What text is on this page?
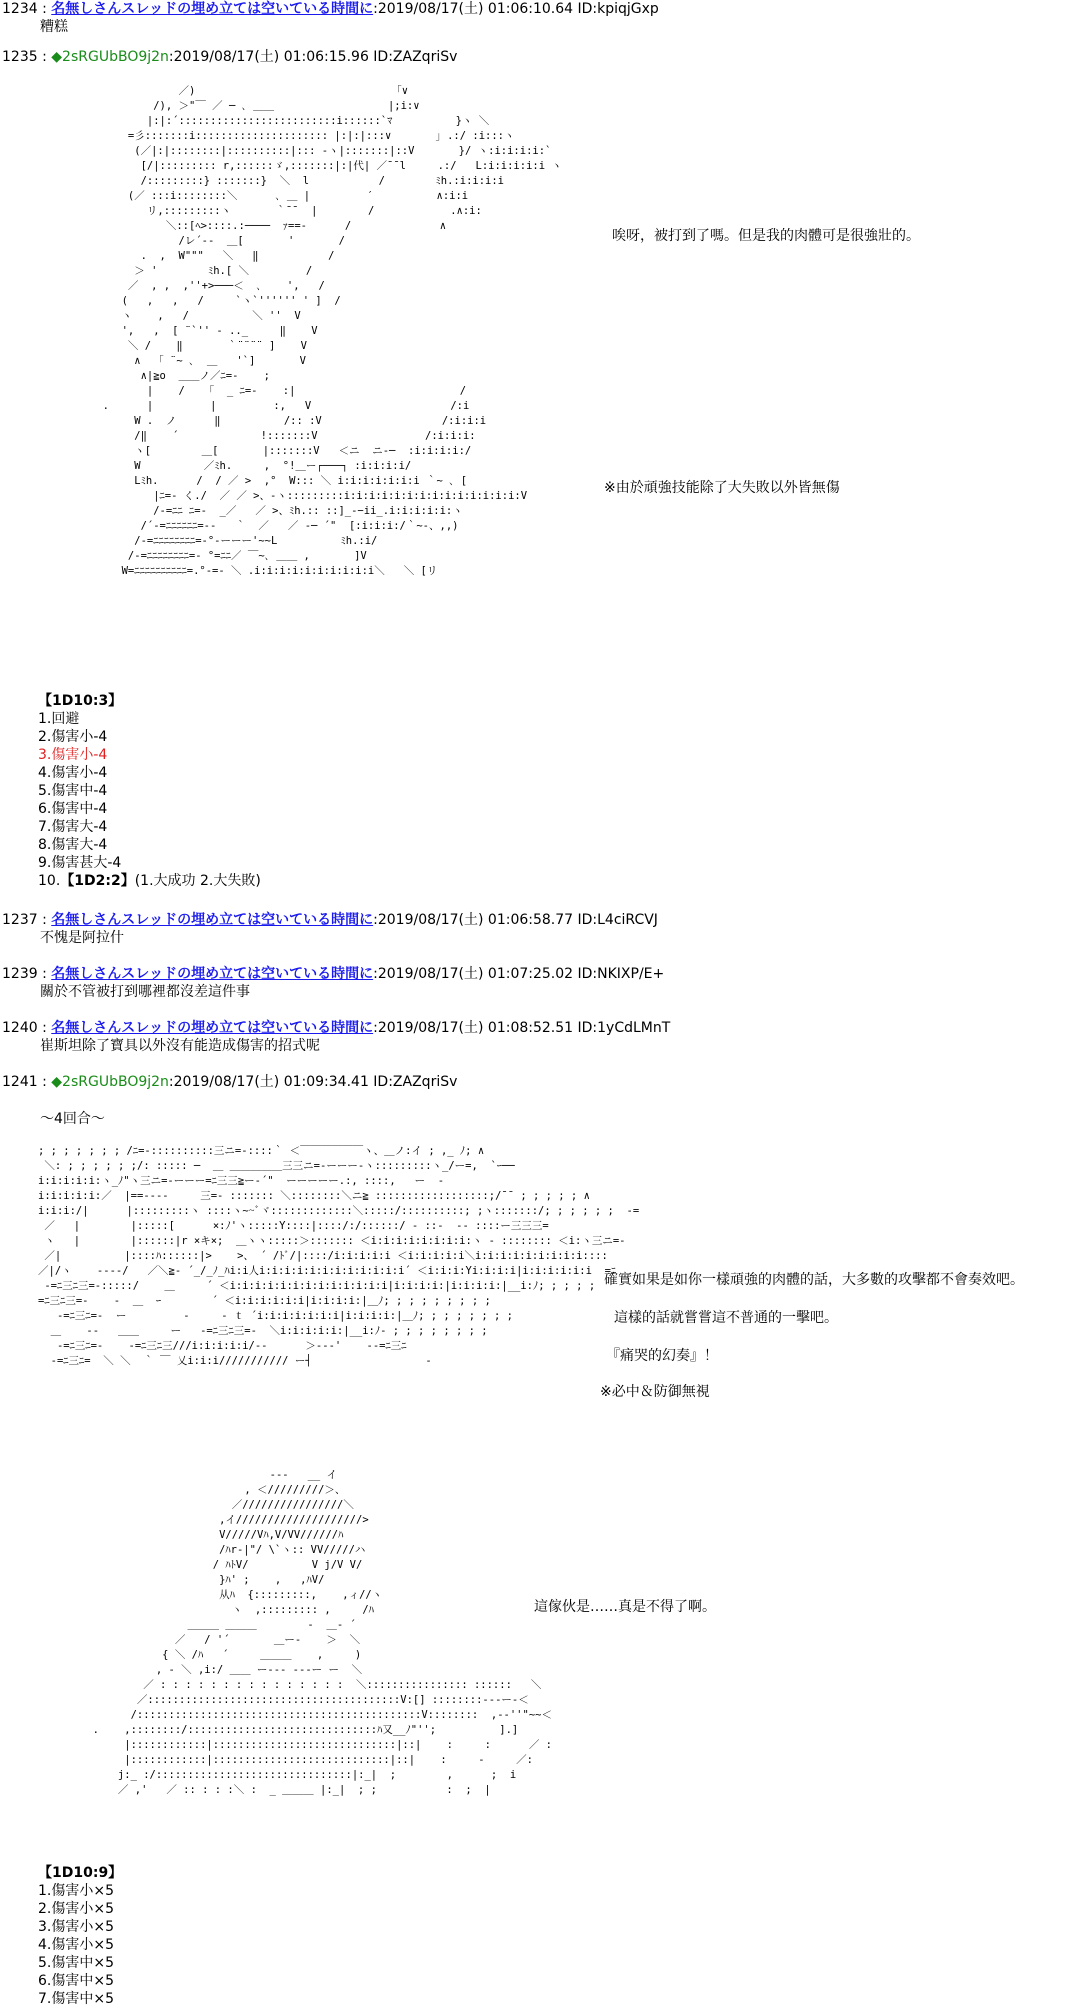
1234 : 名無しさんスレッドの埋め立ては空いている時間に:2019/08/17(土) 01:06:10.64 ID:kpiqjGxp
糟糕
1235 : ◆2sRGUbBO9j2n:2019/08/17(土) 01:06:15.96 ID:ZAZqriSv
／)                               「∨
/), ＞"￣ ／ ─ ､ ＿＿                  |;i:∨
|:|:´:::::::::::::::::::::::::i::::::`ﾏ          }ヽ ＼
=彡:::::::i::::::::::::::::::::: |:|:|:::∨       ｣ .:/ :i:::ヽ
(／|:|::::::::|::::::::::|::: ‐ヽ|:::::::|::V       }/ ヽ:i:i:i:i:`
[/|::::::::: r,::::::ゞ,:::::::|:|代| ／¯¯l     .:/   L:i:i:i:i:i ヽ
/:::::::::} :::::::}  ＼  l           /        ﾐh.:i:i:i:i
(／ :::i::::::::＼      ､ ＿ |         ′          ∧:i:i
リ,:::::::::ヽ       ｀¯¯  |        /            .∧:i:
＼::[ﾍ>::::.:────  ｧ==‐      /              ∧
/レ´‐‐  ＿[       '       /
.  ,  W"""   ＼   ‖           /
＞ '        ﾐh.[ ＼         /
／  , ,  ,''+>───＜  ､    ',   /
(   ,   ,   /     `ヽ`'''''' ' ]  /
ヽ    ,   /          ＼ ''  V
',   ,  [ ¨`'' ‐ .._     ‖    V
＼ /    ‖       ｀¨¨¨¨ ]    V
∧  「 ¨~ ､  ＿   '`]       V
∧|≧o  ＿＿ノ／ﾆ=‐    ;
|    /   「  _ ﾆ=‐    :|                          /
.      |         |         :,   V                      /:i
W .  ノ      ‖          /:: :V                   /:i:i:i
/‖    ´             !:::::::V                 /:i:i:i:
ヽ[        ＿[       |:::::::V   ＜ニ  ニ‐─  :i:i:i:i:/
W          ／ﾐh.     ,  °!＿ー┌───┐ :i:i:i:i/
Lﾐh.      /  / ／ >  ,°  W::: ＼ i:i:i:i:i:i:i ｀~ ､ [
|ﾆ=‐ く./  ／ ／ >、-ヽ:::::::::i:i:i:i:i:i:i:i:i:i:i:i:i:i:V
/‐=ﾆﾆ ﾆ=‐  _／   ／ >、ﾐh.:: ::]_‐−ii_.i:i:i:i:i:ヽ
/´‐=ﾆﾆﾆﾆﾆﾆ=‐‐   ｀  ／   ／ ‐─ ´"  [:i:i:i:/｀~‐、,,)
/‐=ﾆﾆﾆﾆﾆﾆﾆﾆ=‐°‐ーーー'~~L          ﾐh.:i/
/‐=ﾆﾆﾆﾆﾆﾆﾆﾆ=‐ °=ﾆﾆ／ ￣~､ ＿＿ ,       ]V
W=ﾆﾆﾆﾆﾆﾆﾆﾆﾆﾆ=.°‐=‐ ＼ .i:i:i:i:i:i:i:i:i:i＼   ＼ [リ
唉呀，被打到了嗎。但是我的肉體可是很強壯的。
※由於頑強技能除了大失敗以外皆無傷
【1D10:3】
1.回避
2.傷害小-4
3.傷害小-4
4.傷害小-4
5.傷害中-4
6.傷害中-4
7.傷害大-4
8.傷害大-4
9.傷害甚大-4
10.【1D2:2】(1.大成功 2.大失敗)
1237 : 名無しさんスレッドの埋め立ては空いている時間に:2019/08/17(土) 01:06:58.77 ID:L4ciRCVJ
不愧是阿拉什
1239 : 名無しさんスレッドの埋め立ては空いている時間に:2019/08/17(土) 01:07:25.02 ID:NKIXP/E+
關於不管被打到哪裡都沒差這件事
1240 : 名無しさんスレッドの埋め立ては空いている時間に:2019/08/17(土) 01:08:52.51 ID:1yCdLMnT
崔斯坦除了寶具以外沒有能造成傷害的招式呢
1241 : ◆2sRGUbBO9j2n:2019/08/17(土) 01:09:34.41 ID:ZAZqriSv
～4回合～
; ; ; ; ; ; ; /ﾆ=‐::::::::::三ニ=‐::::｀ ＜￣￣￣￣￣￣ヽ、＿ノ:イ ; ,_ ﾉ; ∧
＼: ; ; ; ; ; ;/: ::::: ─  ＿ ＿＿＿＿＿三三ニ=‐ーーー-ヽ:::::::::ヽ_/ー=,  `ｰ──
i:i:i:i:i:ヽ_ﾉ"ヽ三ニ=‐ーーー=ﾆ三三≧ー‐´"  ーーーーー.:, ::::,   ー  ‐
i:i:i:i:i:／  |==‐-‐-     三=‐ ::::::: ＼::::::::＼ニ≧ ::::::::::::::::::;/¯¯ ; ; ; ; ; ∧
i:i:i:/|      |:::::::::ヽ ::::ヽ~~ﾞヾ:::::::::::::＼:::::/::::::::::; ;ヽ:::::::/; ; ; ; ; ;  ‐=
／   |        |:::::[      ×:ﾉ'ヽ:::::Y::::|::::/:/::::::/ - ::-  ‐‐ ::::ー三三三=
ヽ   |        |::::::|r ×キ×;  ＿ヽヽ:::::＞::::::: ＜i:i:i:i:i:i:i:i:ヽ - :::::::: ＜i:ヽ三ニ=‐
／|          |::::ﾊ::::::|>    >、 ´ /ﾄﾞ/|::::/i:i:i:i:i ＜i:i:i:i:i＼i:i:i:i:i:i:i:i:i::::
／|/ヽ    ‐‐‐‐/   ／＼≧‐ ´_/_ﾉ_ﾊi:i人i:i:i:i:i:i:i:i:i:i:i:i´ ＜i:i:i:Yi:i:i:i|i:i:i:i:i:i  =ﾆ
‐=ﾆ三ﾆ三=‐:::::/    ＿     ´ ＜i:i:i:i:i:i:i:i:i:i:i:i:i|i:i:i:i:|i:i:i:i:|__i:ﾉ; ; ; ; ;
=ﾆ三ﾆ三=‐    ‐  ＿  ｰ        ´ ＜i:i:i:i:i:i|i:i:i:i:|＿ﾉ; ; ; ; ; ; ; ; ;
‐=ﾆ三ﾆ=‐  ー         ‐     ‐ ｔ ´i:i:i:i:i:i:i|i:i:i:i:|＿ﾉ; ; ; ; ; ; ; ;
＿    ‐‐   ＿＿     ー   ‐=ﾆ三ﾆ三=‐  ＼i:i:i:i:i:|__i:ﾉ- ; ; ; ; ; ; ; ;
‐=ﾆ三ﾆ=‐    ‐=ﾆ三ﾆ三///i:i:i:i:i/‐‐      ＞‐‐‐'    ‐‐=ﾆ三ﾆ
‐=ﾆ三ﾆ=  ＼ ＼  ｀ ￣ 乂i:i:i/////////// ー┤                  ‐
確實如果是如你一樣頑強的肉體的話，大多數的攻擊都不會奏效吧。
這樣的話就嘗嘗這不普通的一擊吧。
『痛哭的幻奏』！
※必中＆防御無視
‐‐‐   __ イ
, ＜/////////＞、
／////////////////＼
,イ////////////////////>
V/////Vﾊ,V/VV//////ﾊ
/ﾊr‐|"/ \`ヽ:: VV/////ハ
/ ﾊﾄV/          V j/V V/
}ﾊ' ;    ,   ,ﾊV/
从ﾊ  {:::::::::,    ,ィ//ヽ
ヽ  ,::::::::: ,     /ﾊ
＿＿＿ ＿＿＿        ‐  ＿‐ ´
／   / '´       ＿ー‐    ＞  ＼
{ ＼ /ﾊ   ´     ＿＿＿    ,     )
, ‐ ＼ ,i:/ ＿＿ ー‐‐‐ ‐‐‐ー ー  ＼
／ : : : : : : : : : : : : : : :  ＼:::::::::::::::: ::::::   ＼
／::::::::::::::::::::::::::::::::::::::::V:[] ::::::::‐‐‐ー‐＜
/:::::::::::::::::::::::::::::::::::::::::::::V::::::::  ,‐‐''"~~＜
.    ,::::::::/::::::::::::::::::::::::::::::ﾊ又__ﾉ"'';          ].]
|::::::::::::|:::::::::::::::::::::::::::::|::|    :     :      ／ :
|::::::::::::|::::::::::::::::::::::::::::|::|    :     ‐     ／:
j:_ :/:::::::::::::::::::::::::::::::|:_|  ;        ,      ;  i
／ ,'   ／ :: : : :＼ :  _ ＿＿＿ |:_|  ; ;           :  ;  |
這傢伙是……真是不得了啊。
【1D10:9】
1.傷害小×5
2.傷害小×5
3.傷害小×5
4.傷害小×5
5.傷害中×5
6.傷害中×5
7.傷害中×5
